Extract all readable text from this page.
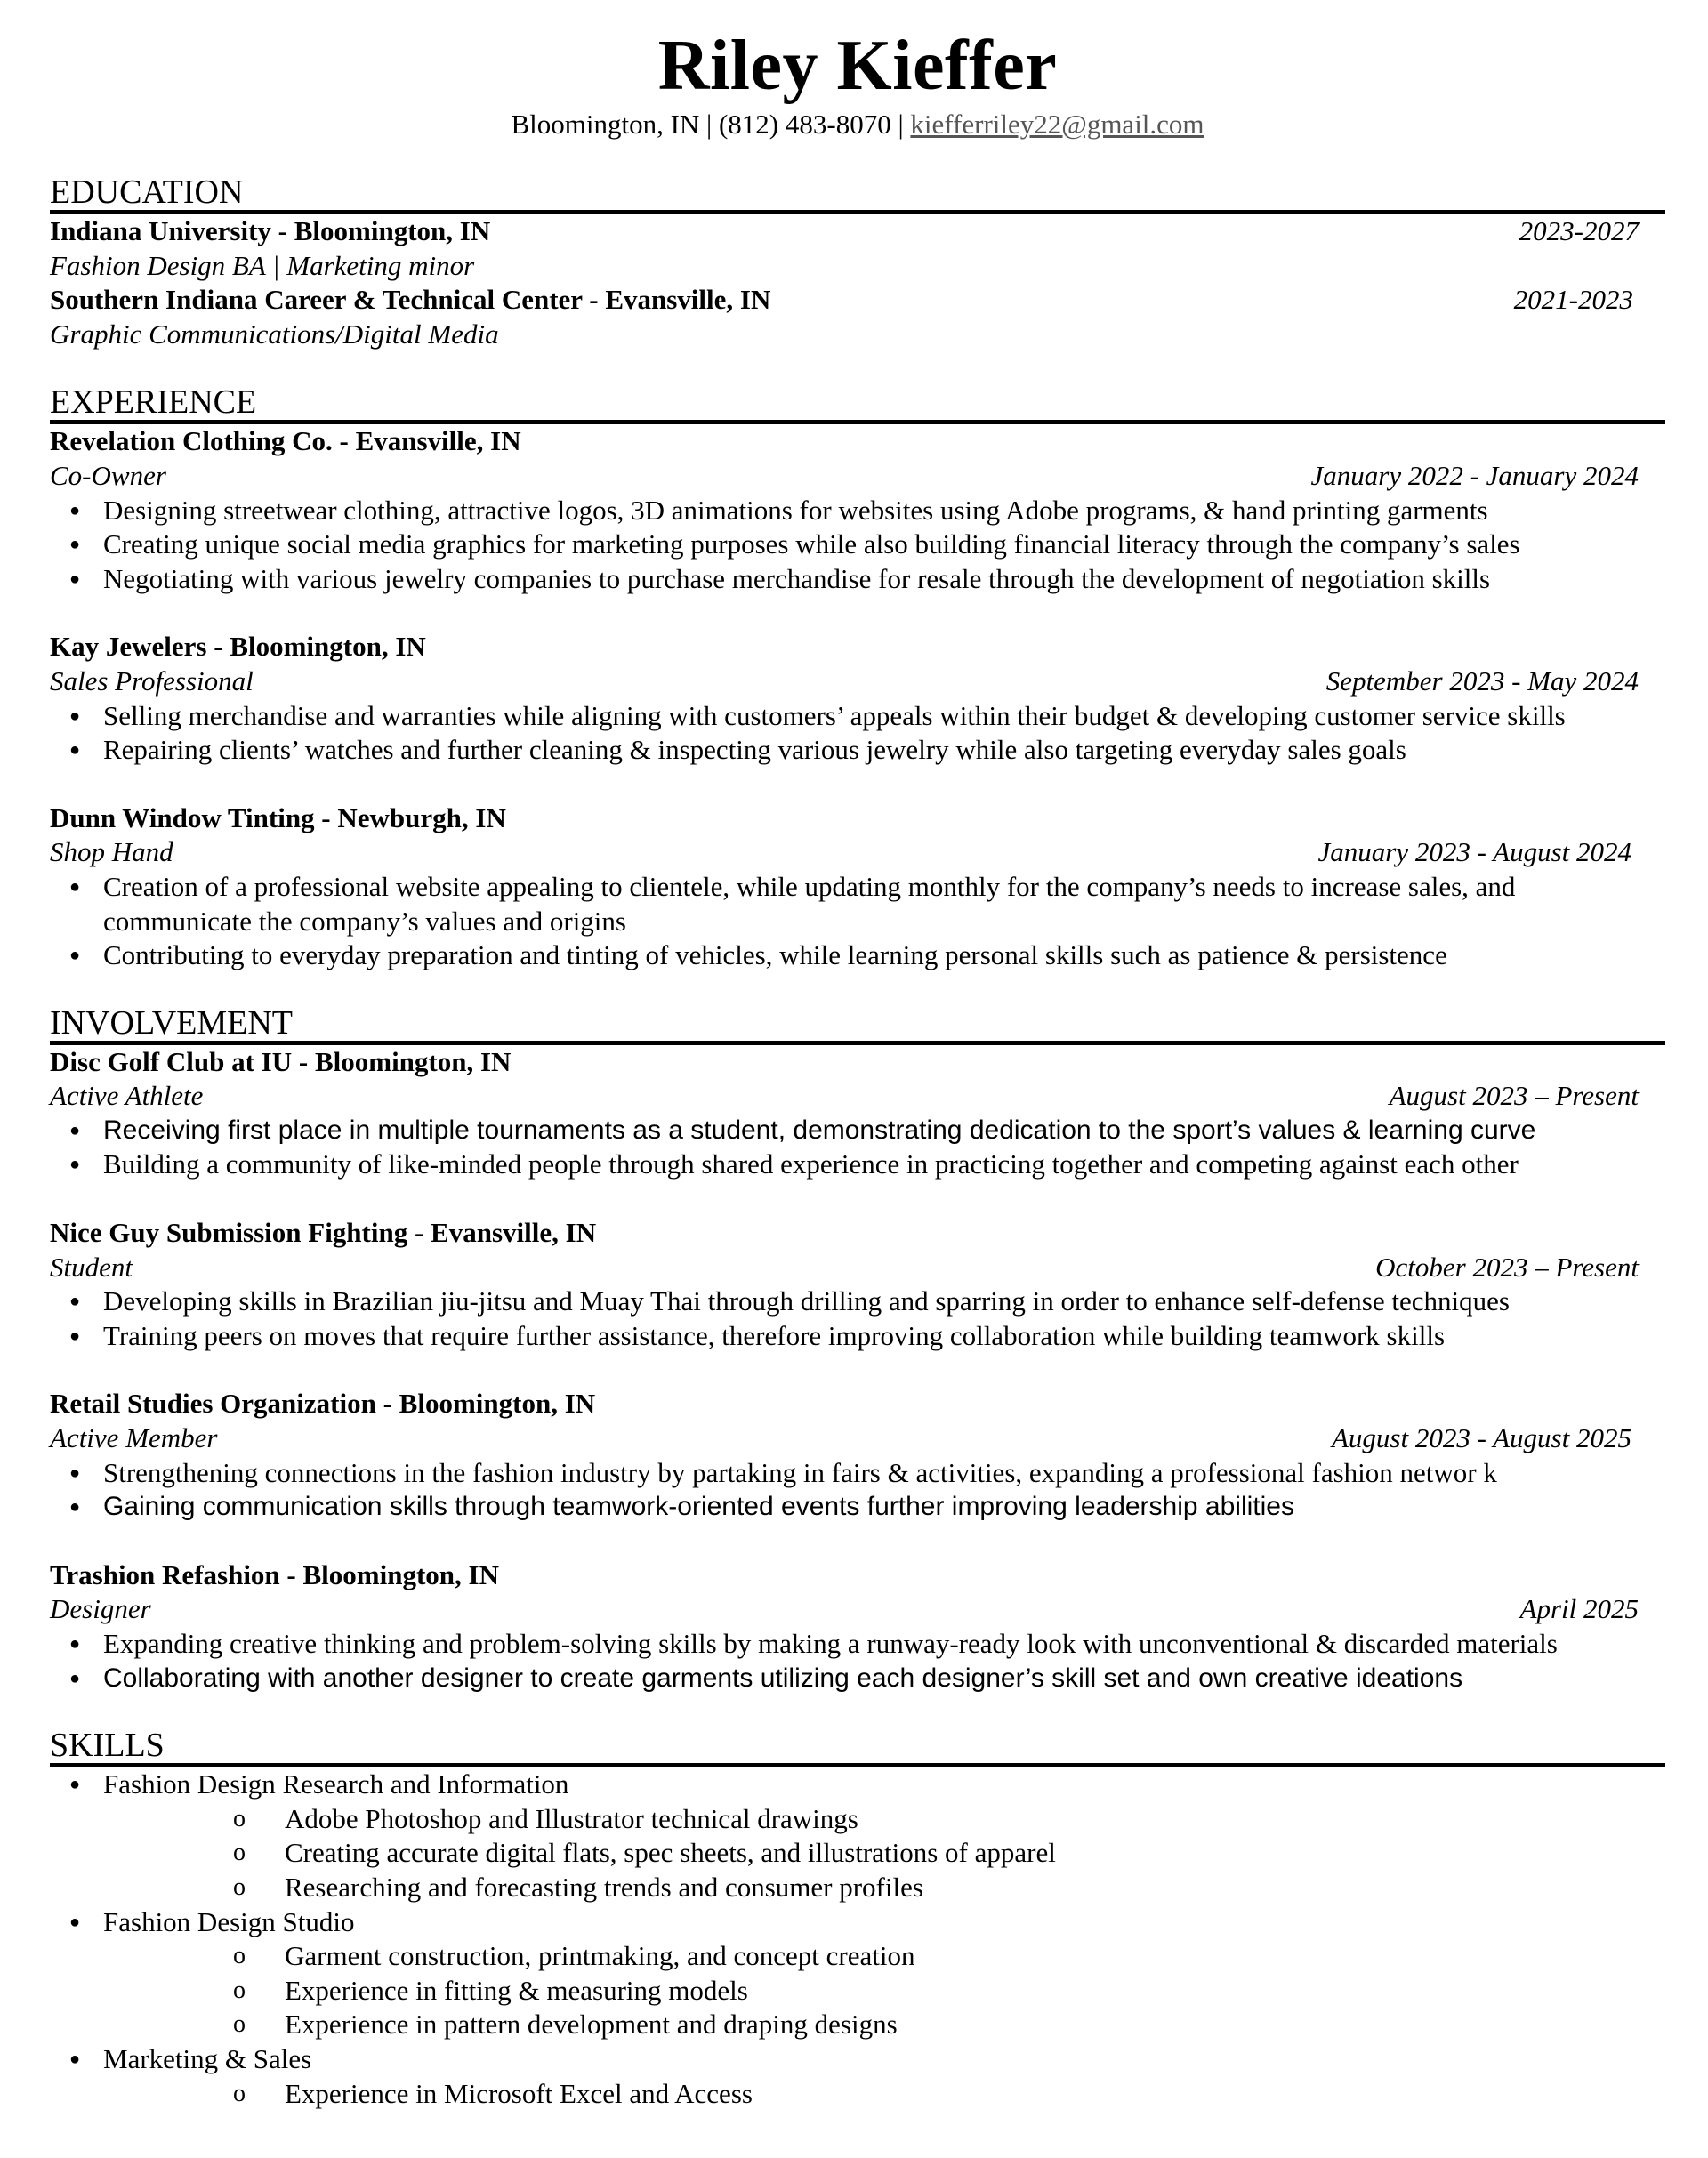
Riley Kieffer
Bloomington, IN | (812) 483-8070 | kiefferriley22@gmail.com
EDUCATION
Indiana University - Bloomington, IN	2023-2027
Fashion Design BA | Marketing minor
Southern Indiana Career & Technical Center - Evansville, IN	2021-2023
Graphic Communications/Digital Media
EXPERIENCE
Revelation Clothing Co. - Evansville, IN
Co-Owner	January 2022 - January 2024
● Designing streetwear clothing, attractive logos, 3D animations for websites using Adobe programs, & hand printing garments
● Creating unique social media graphics for marketing purposes while also building financial literacy through the company’s sales
● Negotiating with various jewelry companies to purchase merchandise for resale through the development of negotiation skills
Kay Jewelers - Bloomington, IN
Sales Professional	September 2023 - May 2024
● Selling merchandise and warranties while aligning with customers’ appeals within their budget & developing customer service skills
● Repairing clients’ watches and further cleaning & inspecting various jewelry while also targeting everyday sales goals
Dunn Window Tinting - Newburgh, IN
Shop Hand	January 2023 - August 2024
● Creation of a professional website appealing to clientele, while updating monthly for the company’s needs to increase sales, and communicate the company’s values and origins
● Contributing to everyday preparation and tinting of vehicles, while learning personal skills such as patience & persistence
INVOLVEMENT
Disc Golf Club at IU - Bloomington, IN
Active Athlete	August 2023 – Present
● Receiving first place in multiple tournaments as a student, demonstrating dedication to the sport’s values & learning curve
● Building a community of like-minded people through shared experience in practicing together and competing against each other
Nice Guy Submission Fighting - Evansville, IN
Student	October 2023 – Present
● Developing skills in Brazilian jiu-jitsu and Muay Thai through drilling and sparring in order to enhance self-defense techniques
● Training peers on moves that require further assistance, therefore improving collaboration while building teamwork skills
Retail Studies Organization - Bloomington, IN
Active Member	August 2023 - August 2025
● Strengthening connections in the fashion industry by partaking in fairs & activities, expanding a professional fashion networ k
● Gaining communication skills through teamwork-oriented events further improving leadership abilities
Trashion Refashion - Bloomington, IN
Designer	April 2025
● Expanding creative thinking and problem-solving skills by making a runway-ready look with unconventional & discarded materials
● Collaborating with another designer to create garments utilizing each designer’s skill set and own creative ideations
SKILLS
● Fashion Design Research and Information
o Adobe Photoshop and Illustrator technical drawings
o Creating accurate digital flats, spec sheets, and illustrations of apparel
o Researching and forecasting trends and consumer profiles
● Fashion Design Studio
o Garment construction, printmaking, and concept creation
o Experience in fitting & measuring models
o Experience in pattern development and draping designs
● Marketing & Sales
o Experience in Microsoft Excel and Access
